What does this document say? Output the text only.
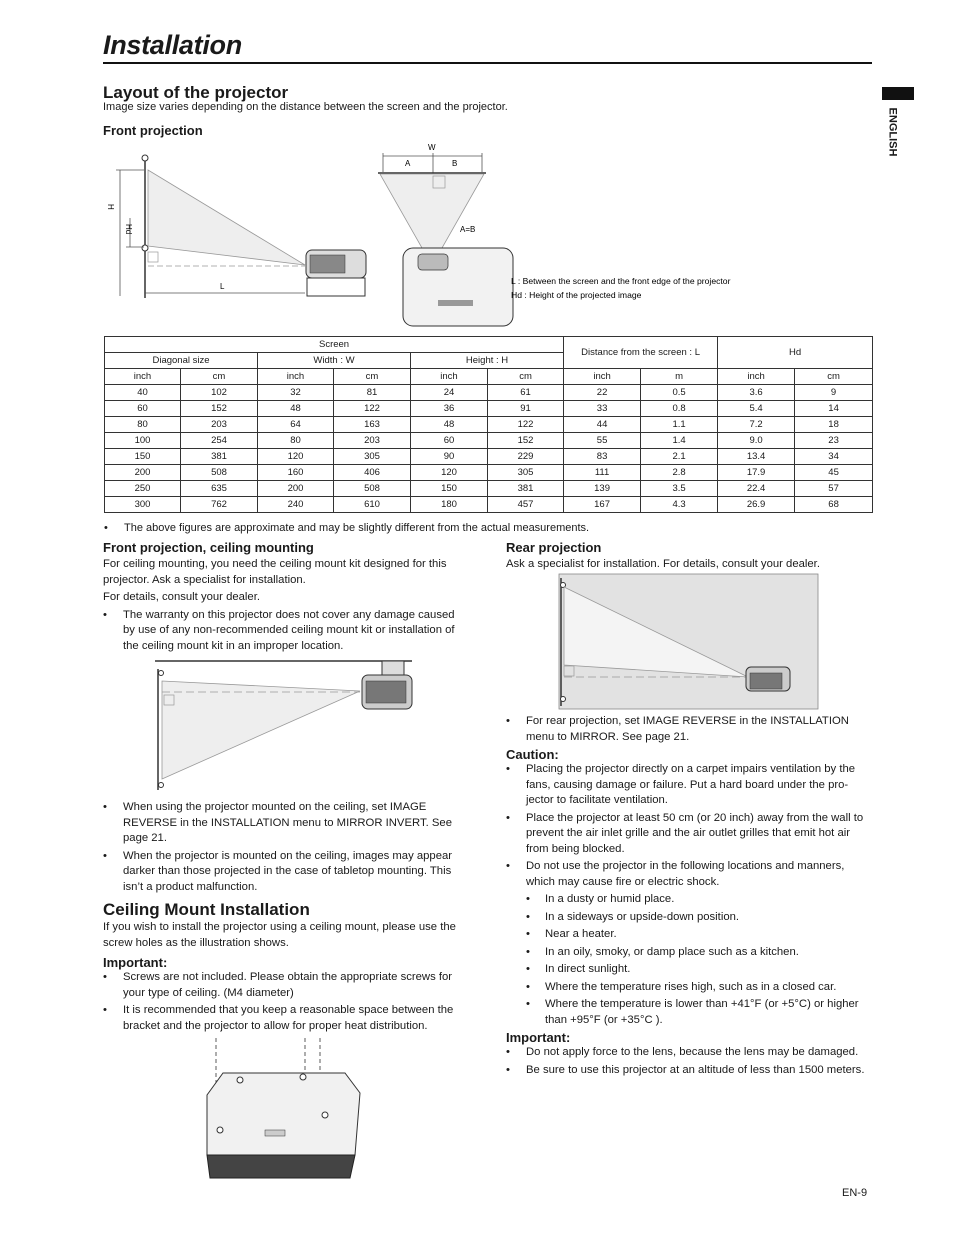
Installation
ENGLISH

Layout of the projector

Image size varies depending on the distance between the screen and the projector.

Front projection

H
Hd
L
W
A	B
A=B
L : Between the screen and the front edge of the projector
Hd : Height of the projected image
Screen						Distance from the screen : L		Hd	
Diagonal size		Width : W		Height : H					
inch	cm	inch	cm	inch	cm	inch	m	inch	cm
40	102	32	81	24	61	22	0.5	3.6	9
60	152	48	122	36	91	33	0.8	5.4	14
80	203	64	163	48	122	44	1.1	7.2	18
100	254	80	203	60	152	55	1.4	9.0	23
150	381	120	305	90	229	83	2.1	13.4	34
200	508	160	406	120	305	111	2.8	17.9	45
250	635	200	508	150	381	139	3.5	22.4	57
300	762	240	610	180	457	167	4.3	26.9	68

• The above figures are approximate and may be slightly different from the actual measurements.

Front projection, ceiling mounting

For ceiling mounting, you need the ceiling mount kit designed for this projector. Ask a specialist for installation.

For details, consult your dealer.

• The warranty on this projector does not cover any damage caused by use of any non-recommended ceiling mount kit or installation of the ceiling mount kit in an improper location.

• When using the projector mounted on the ceiling, set IMAGE REVERSE in the INSTALLATION menu to MIRROR INVERT. See page 21.

• When the projector is mounted on the ceiling, images may appear darker than those projected in the case of tabletop mounting. This isn’t a product malfunction.

Ceiling Mount Installation

If you wish to install the projector using a ceiling mount, please use the screw holes as the illustration shows.

Important:

• Screws are not included. Please obtain the appropriate screws for your type of ceiling. (M4 diameter)

• It is recommended that you keep a reasonable space between the bracket and the projector to allow for proper heat distribution.

Rear projection

Ask a specialist for installation. For details, consult your dealer.

• For rear projection, set IMAGE REVERSE in the INSTALLATION menu to MIRROR. See page 21.

Caution:

• Placing the projector directly on a carpet impairs ventilation by the fans, causing damage or failure. Put a hard board under the pro-jector to facilitate ventilation.

• Place the projector at least 50 cm (or 20 inch) away from the wall to prevent the air inlet grille and the air outlet grilles that emit hot air from being blocked.

• Do not use the projector in the following locations and manners, which may cause fire or electric shock.

• In a dusty or humid place.

• In a sideways or upside-down position.

• Near a heater.

• In an oily, smoky, or damp place such as a kitchen.

• In direct sunlight.

• Where the temperature rises high, such as in a closed car.

• Where the temperature is lower than +41°F (or +5°C) or higher than +95°F (or +35°C ).

Important:

• Do not apply force to the lens, because the lens may be damaged.

• Be sure to use this projector at an altitude of less than 1500 meters.

EN-9
